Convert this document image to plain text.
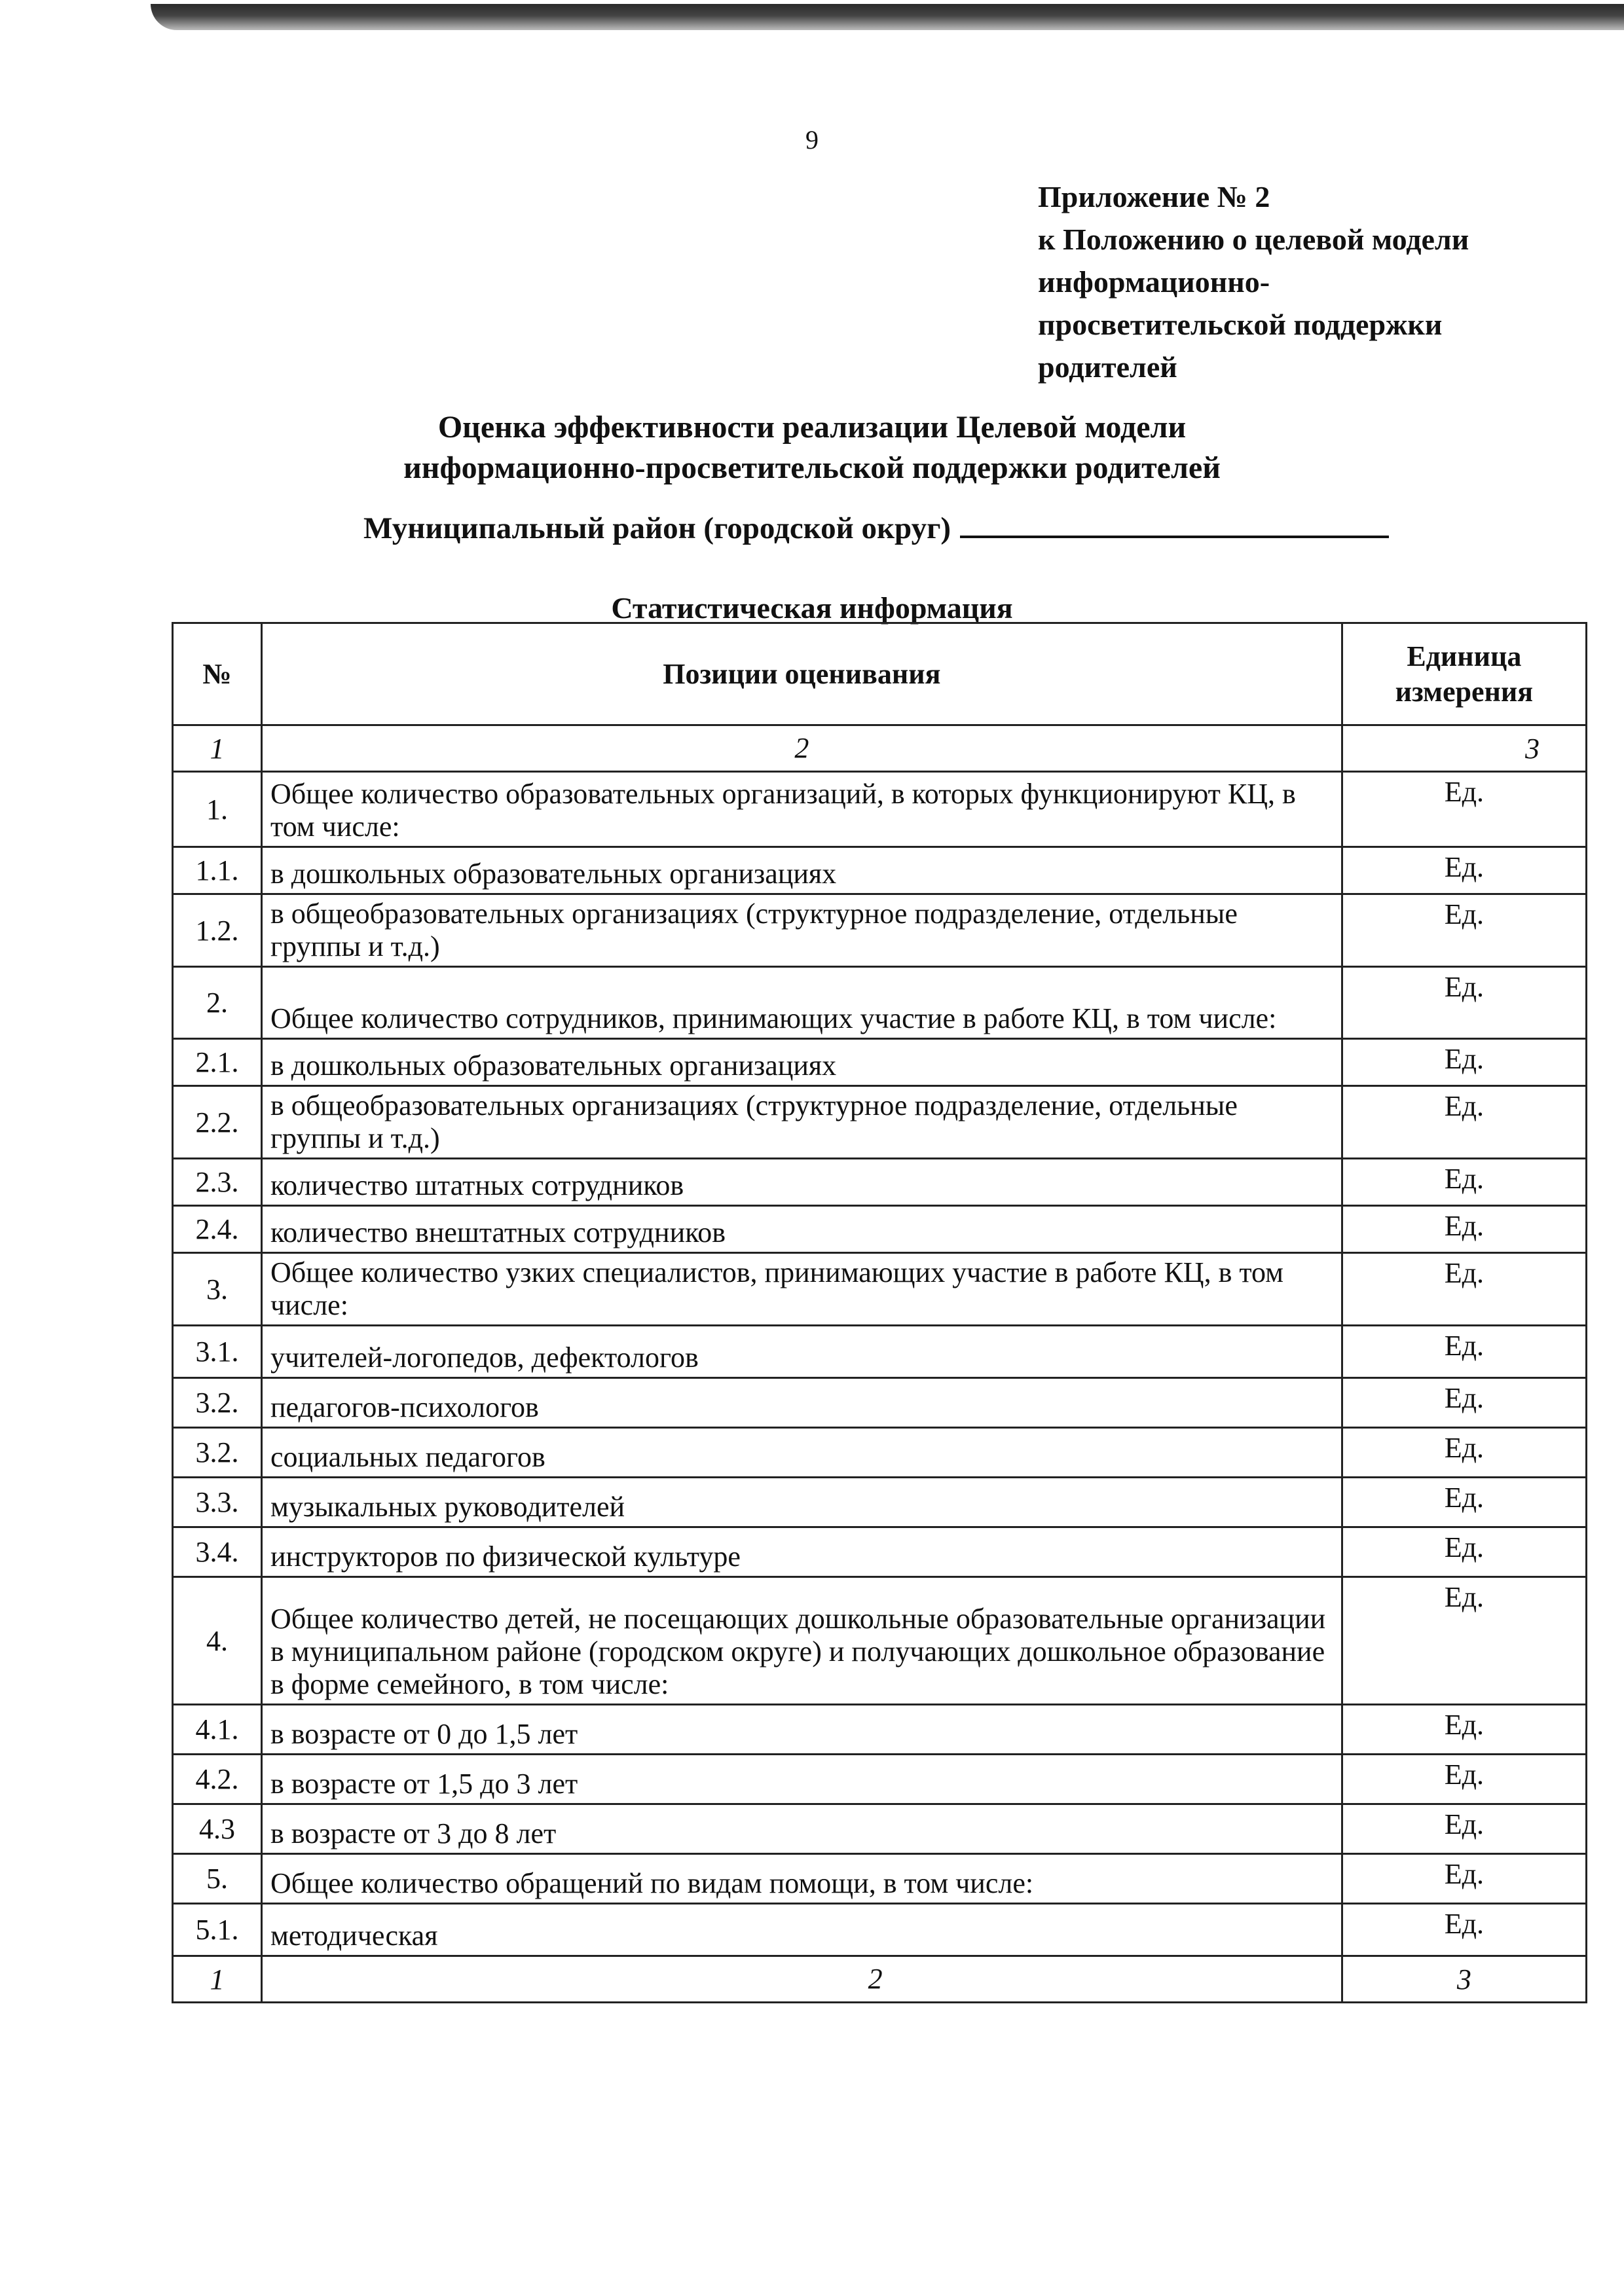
9
Приложение № 2
к Положению о целевой модели
информационно-
просветительской поддержки
родителей
Оценка эффективности реализации Целевой модели
информационно-просветительской поддержки родителей
Муниципальный район (городской округ)
Статистическая информация
№	Позиции оценивания	Единица измерения
1	2	3
1.	Общее количество образовательных организаций, в которых функционируют КЦ, в том числе:	Ед.
1.1.	в дошкольных образовательных организациях	Ед.
1.2.	в общеобразовательных организациях (структурное подразделение, отдельные группы и т.д.)	Ед.
2.	Общее количество сотрудников, принимающих участие в работе КЦ, в том числе:	Ед.
2.1.	в дошкольных образовательных организациях	Ед.
2.2.	в общеобразовательных организациях (структурное подразделение, отдельные группы и т.д.)	Ед.
2.3.	количество штатных сотрудников	Ед.
2.4.	количество внештатных сотрудников	Ед.
3.	Общее количество узких специалистов, принимающих участие в работе КЦ, в том числе:	Ед.
3.1.	учителей-логопедов, дефектологов	Ед.
3.2.	педагогов-психологов	Ед.
3.2.	социальных педагогов	Ед.
3.3.	музыкальных руководителей	Ед.
3.4.	инструкторов по физической культуре	Ед.
4.	Общее количество детей, не посещающих дошкольные образовательные организации в муниципальном районе (городском округе) и получающих дошкольное образование в форме семейного, в том числе:	Ед.
4.1.	в возрасте от 0 до 1,5 лет	Ед.
4.2.	в возрасте от 1,5 до 3 лет	Ед.
4.3	в возрасте от 3 до 8 лет	Ед.
5.	Общее количество обращений по видам помощи, в том числе:	Ед.
5.1.	методическая	Ед.
1	2	3
